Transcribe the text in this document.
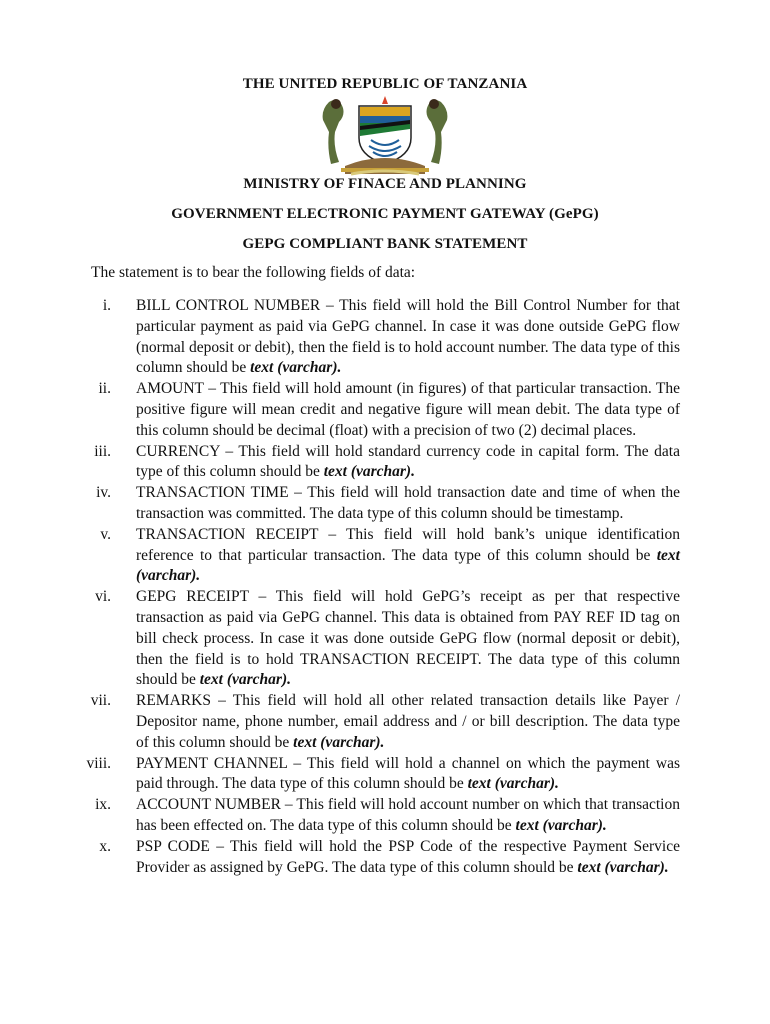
THE UNITED REPUBLIC OF TANZANIA
MINISTRY OF FINACE AND PLANNING
GOVERNMENT ELECTRONIC PAYMENT GATEWAY (GePG)
GEPG COMPLIANT BANK STATEMENT
The statement is to bear the following fields of data:
i. BILL CONTROL NUMBER – This field will hold the Bill Control Number for that particular payment as paid via GePG channel. In case it was done outside GePG flow (normal deposit or debit), then the field is to hold account number. The data type of this column should be text (varchar).
ii. AMOUNT – This field will hold amount (in figures) of that particular transaction. The positive figure will mean credit and negative figure will mean debit. The data type of this column should be decimal (float) with a precision of two (2) decimal places.
iii. CURRENCY – This field will hold standard currency code in capital form. The data type of this column should be text (varchar).
iv. TRANSACTION TIME – This field will hold transaction date and time of when the transaction was committed. The data type of this column should be timestamp.
v. TRANSACTION RECEIPT – This field will hold bank’s unique identification reference to that particular transaction. The data type of this column should be text (varchar).
vi. GEPG RECEIPT – This field will hold GePG’s receipt as per that respective transaction as paid via GePG channel. This data is obtained from PAY REF ID tag on bill check process. In case it was done outside GePG flow (normal deposit or debit), then the field is to hold TRANSACTION RECEIPT. The data type of this column should be text (varchar).
vii. REMARKS – This field will hold all other related transaction details like Payer / Depositor name, phone number, email address and / or bill description. The data type of this column should be text (varchar).
viii. PAYMENT CHANNEL – This field will hold a channel on which the payment was paid through. The data type of this column should be text (varchar).
ix. ACCOUNT NUMBER – This field will hold account number on which that transaction has been effected on. The data type of this column should be text (varchar).
x. PSP CODE – This field will hold the PSP Code of the respective Payment Service Provider as assigned by GePG. The data type of this column should be text (varchar).
